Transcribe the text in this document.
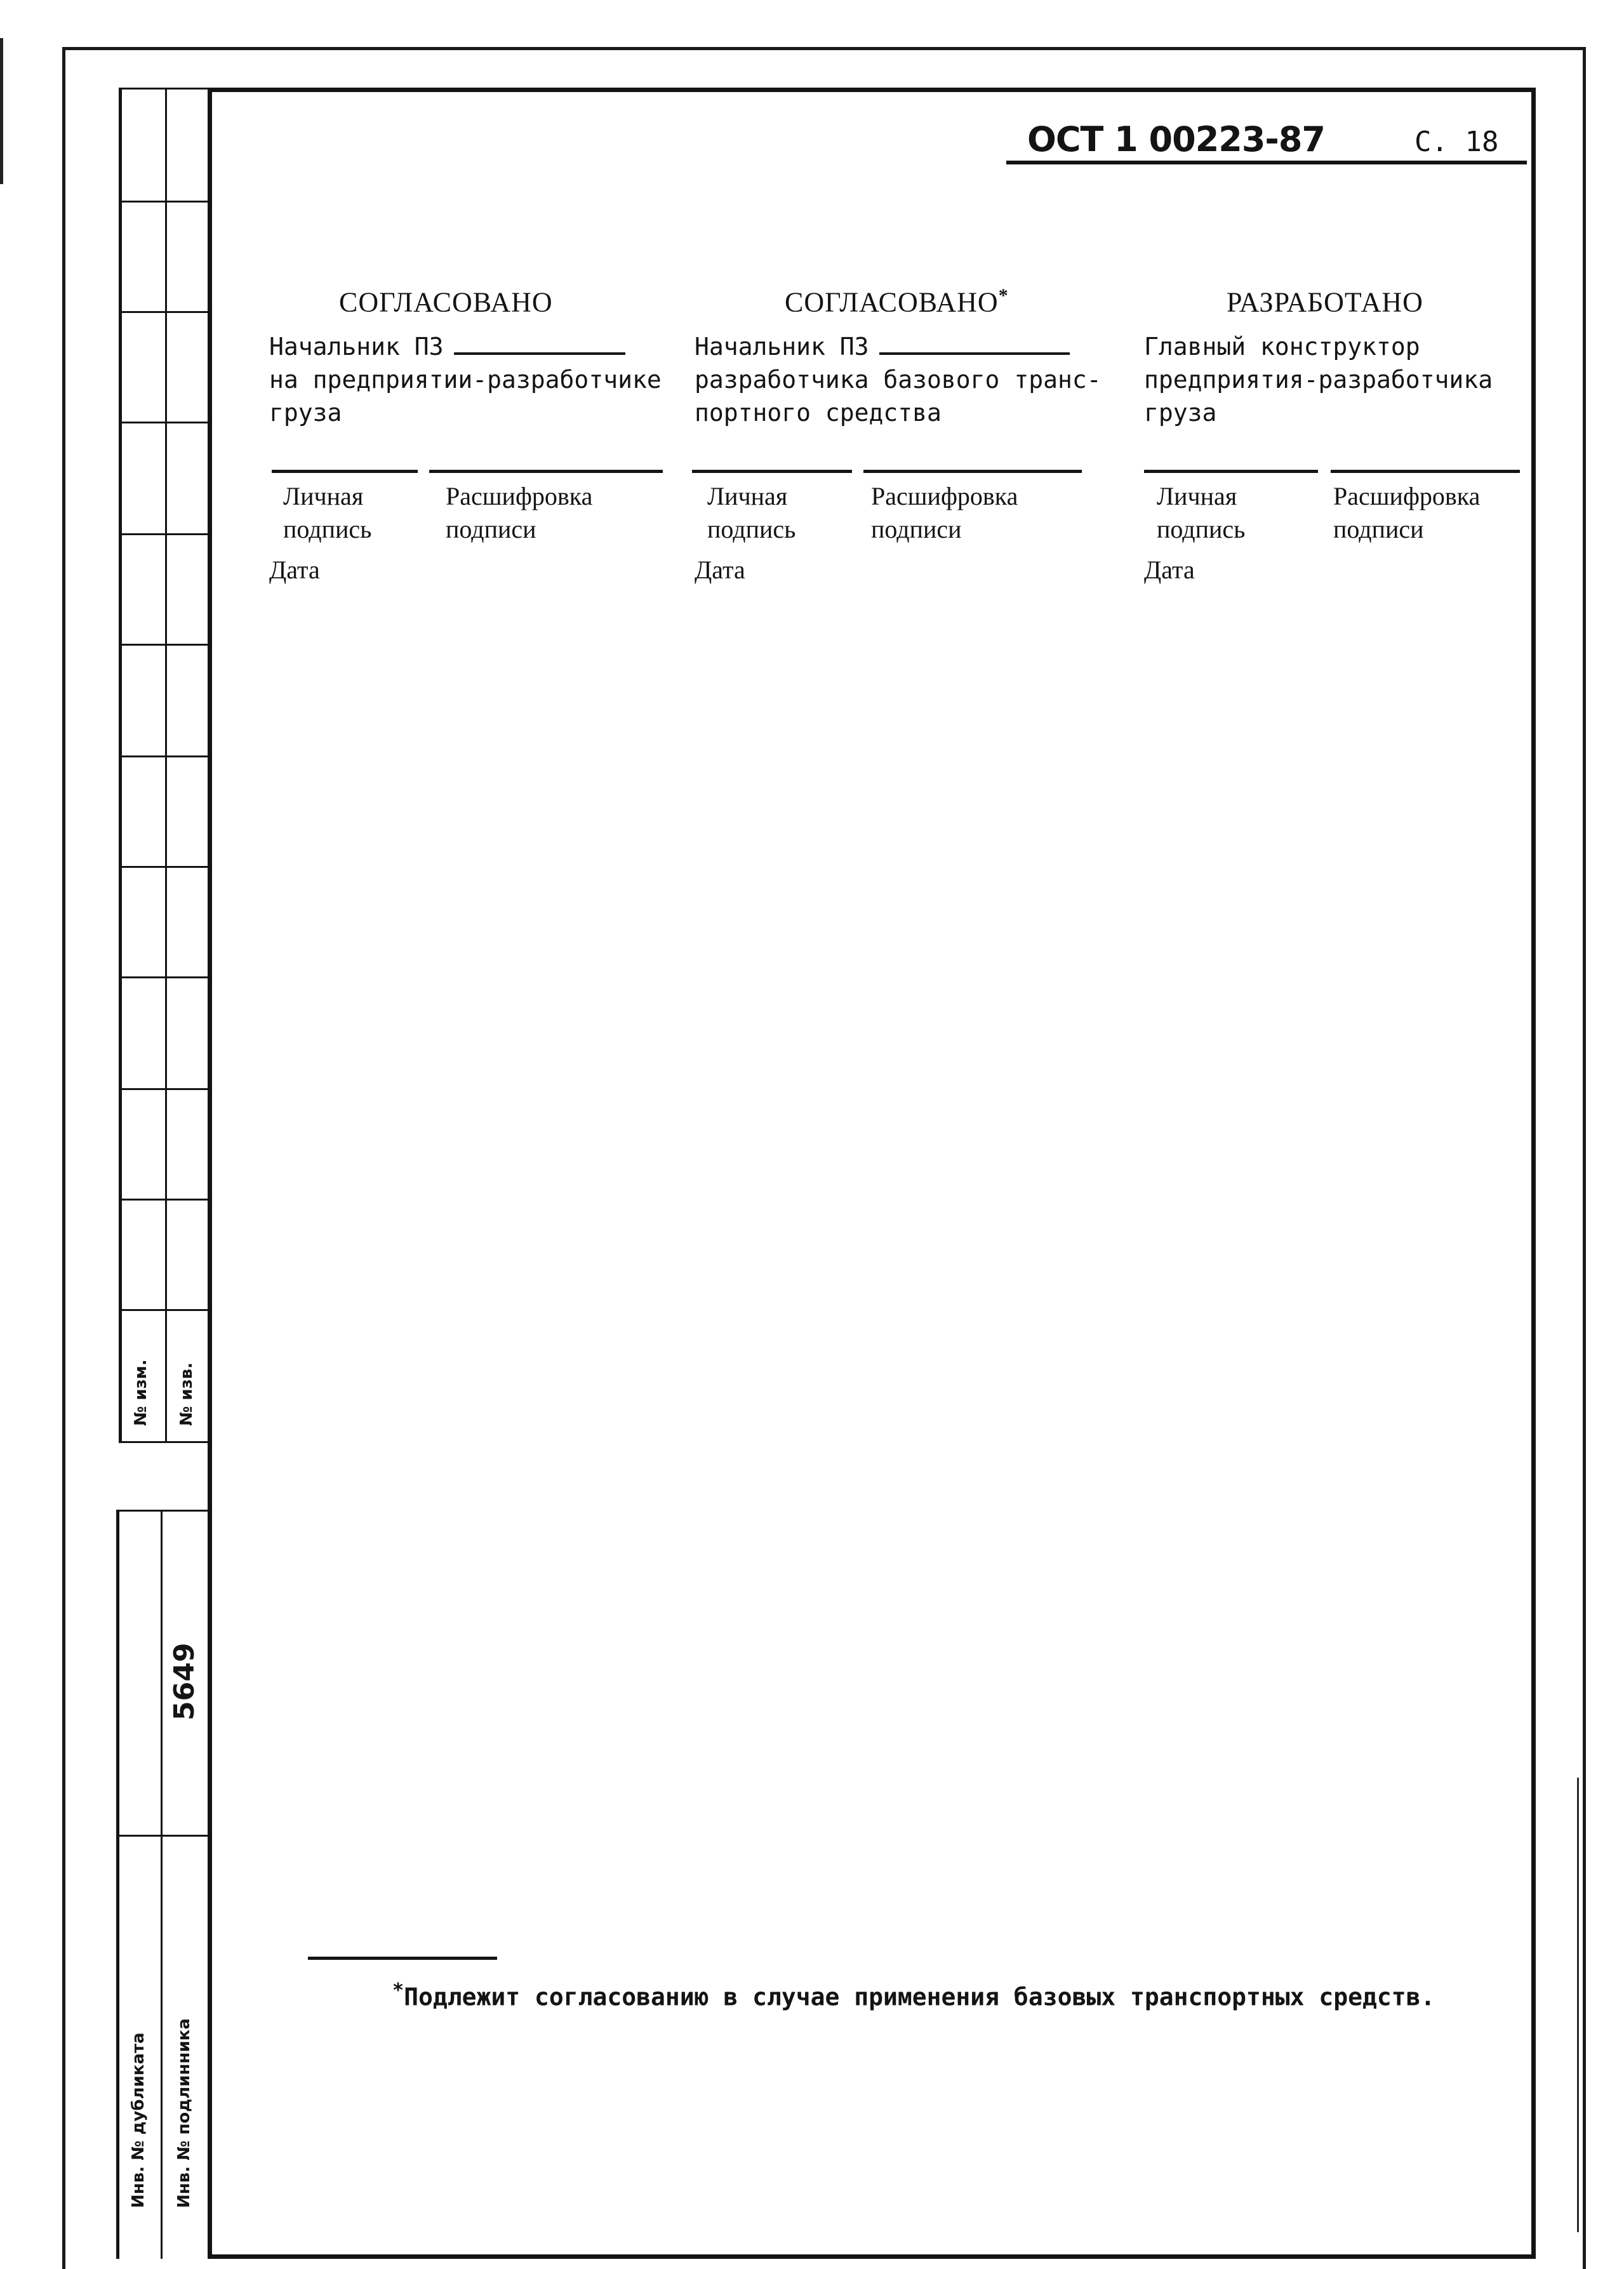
№ изм. № изв.
5649
Инв. № дубликата Инв. № подлинника
ОСТ 1 00223-87	С. 18
СОГЛАСОВАНО
Начальник ПЗ
на предприятии-разработчике
груза
Личная
подпись
Расшифровка
подписи
Дата
СОГЛАСОВАНО*
Начальник ПЗ
разработчика базового транс-
портного средства
Личная
подпись
Расшифровка
подписи
Дата
РАЗРАБОТАНО
Главный конструктор
предприятия-разработчика
груза
Личная
подпись
Расшифровка
подписи
Дата
*Подлежит согласованию в случае применения базовых транспортных средств.
